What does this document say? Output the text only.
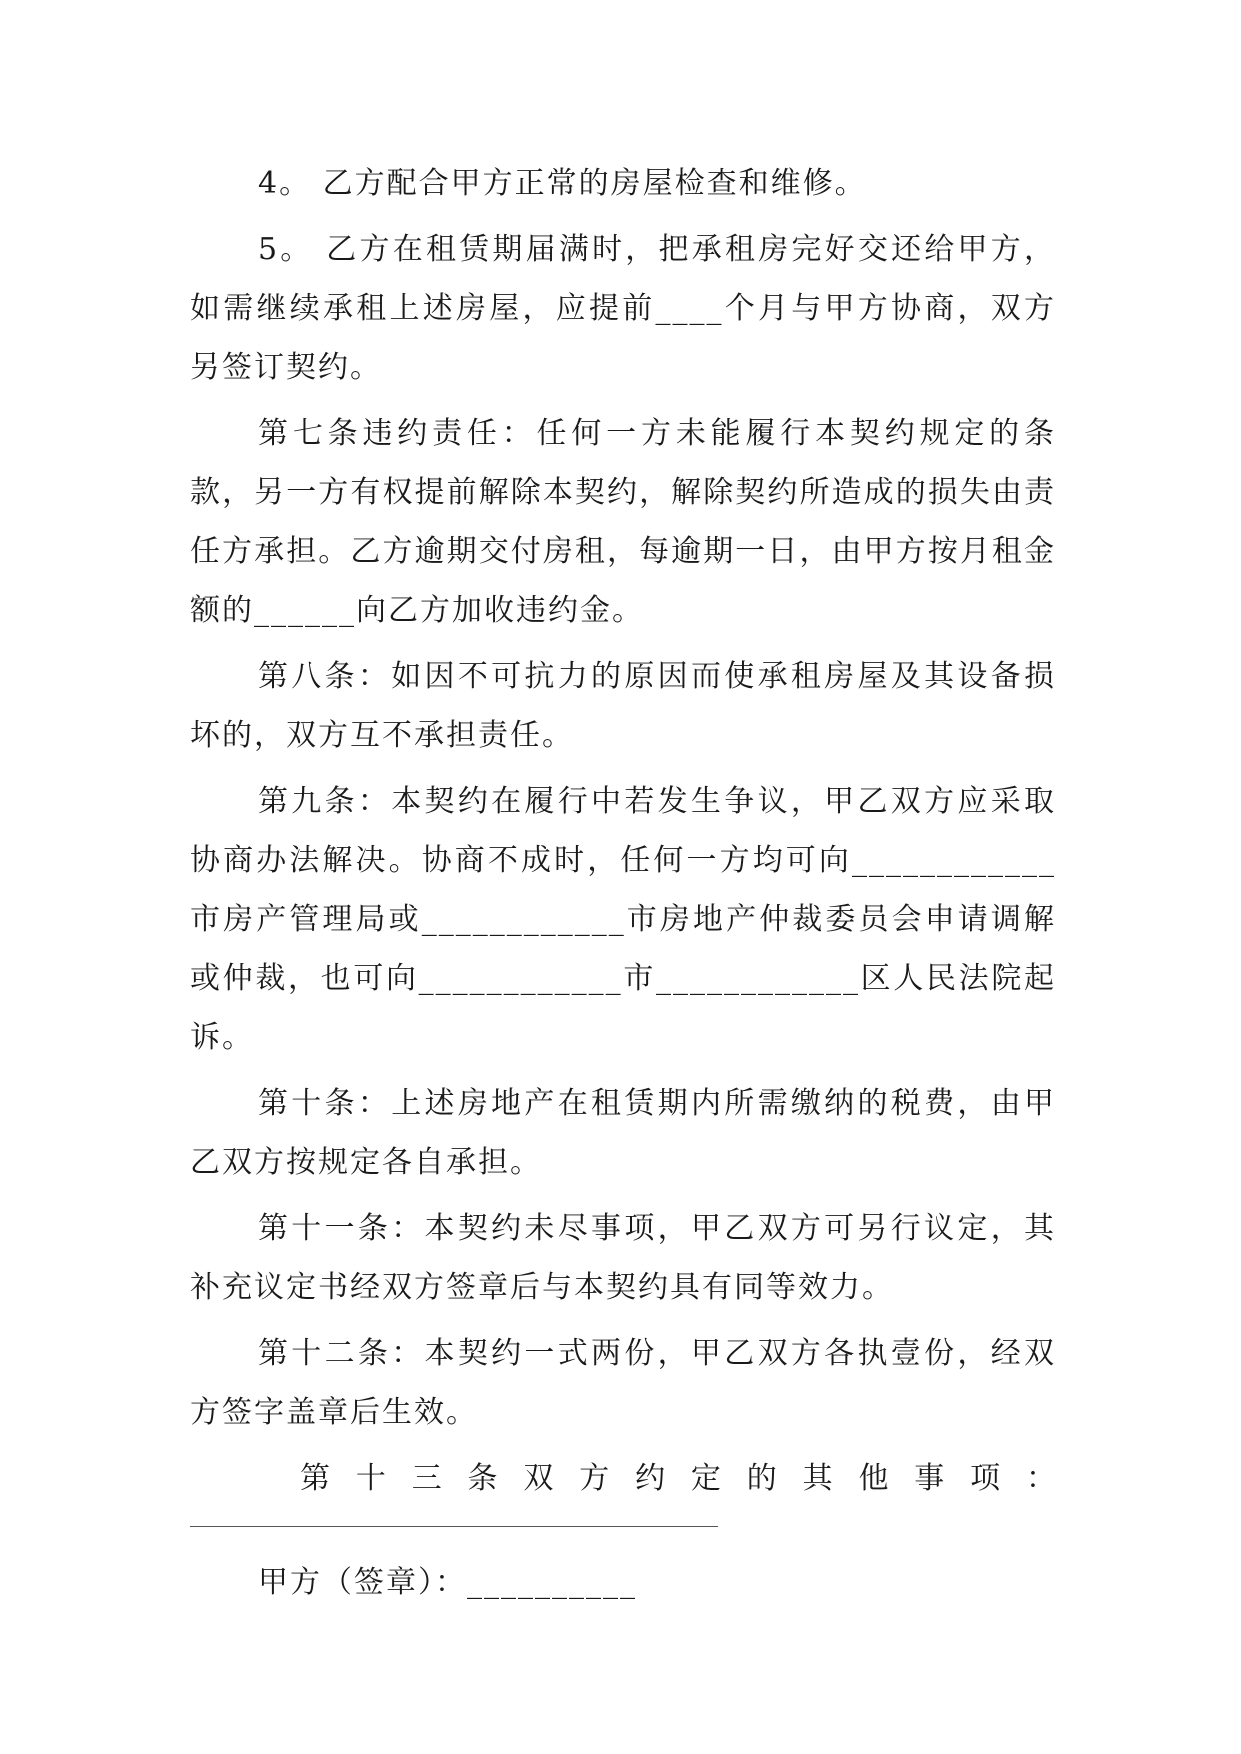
4。 乙方配合甲方正常的房屋检查和维修。

5。 乙方在租赁期届满时，把承租房完好交还给甲方，如需继续承租上述房屋，应提前____个月与甲方协商，双方另签订契约。

第七条违约责任：任何一方未能履行本契约规定的条款，另一方有权提前解除本契约，解除契约所造成的损失由责任方承担。乙方逾期交付房租，每逾期一日，由甲方按月租金额的______向乙方加收违约金。

第八条：如因不可抗力的原因而使承租房屋及其设备损坏的，双方互不承担责任。

第九条：本契约在履行中若发生争议，甲乙双方应采取协商办法解决。协商不成时，任何一方均可向____________市房产管理局或____________市房地产仲裁委员会申请调解或仲裁，也可向____________市____________区人民法院起诉。

第十条：上述房地产在租赁期内所需缴纳的税费，由甲乙双方按规定各自承担。

第十一条：本契约未尽事项，甲乙双方可另行议定，其补充议定书经双方签章后与本契约具有同等效力。

第十二条：本契约一式两份，甲乙双方各执壹份，经双方签字盖章后生效。

第十三条双方约定的其他事项：

甲方（签章）：__________
